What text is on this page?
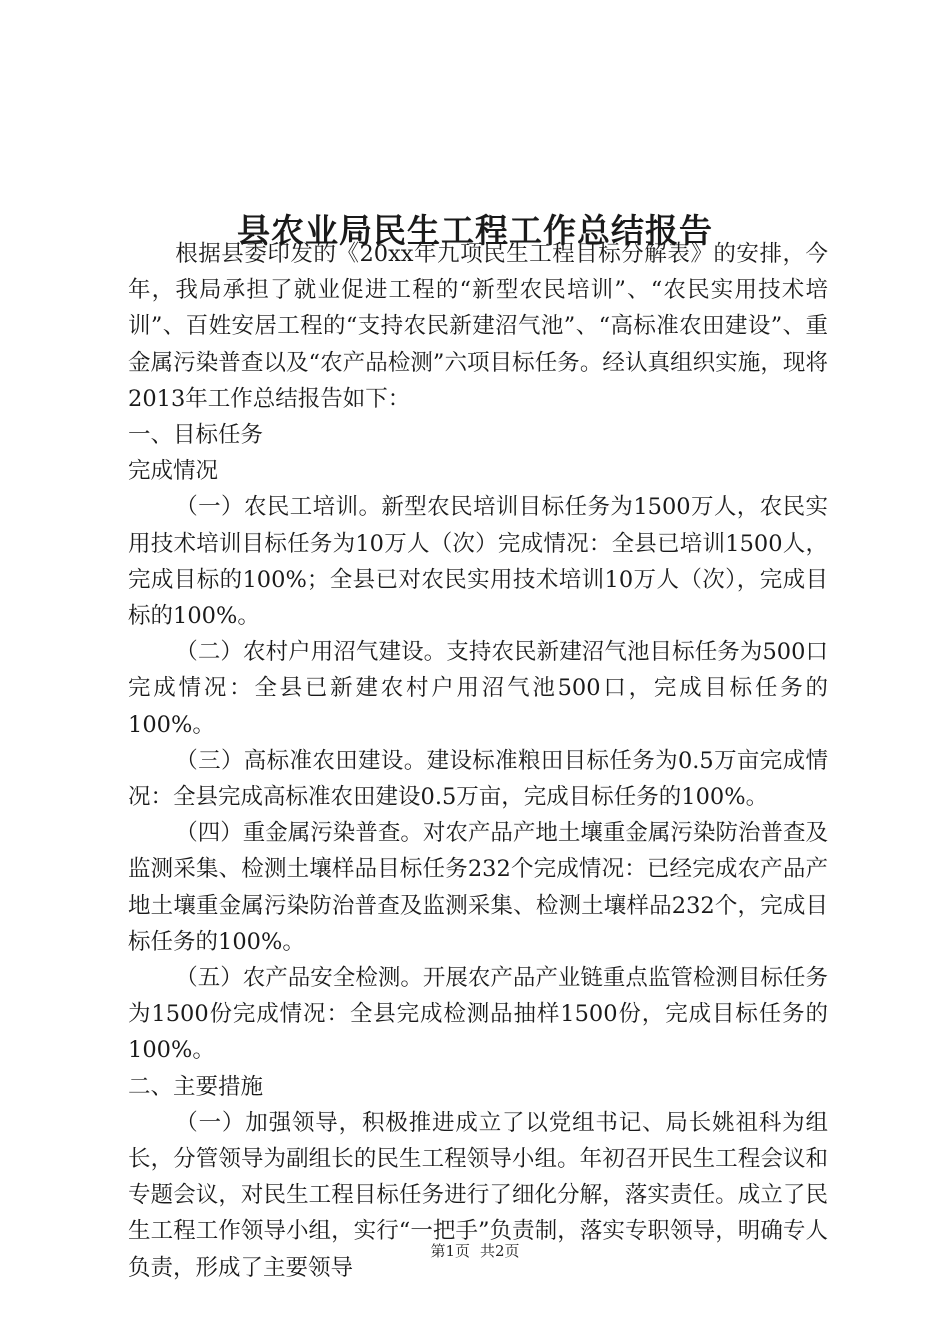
县农业局民生工程工作总结报告

根据县委印发的《20xx年九项民生工程目标分解表》的安排，今年，我局承担了就业促进工程的“新型农民培训”、“农民实用技术培训”、百姓安居工程的“支持农民新建沼气池”、“高标准农田建设”、重金属污染普查以及“农产品检测”六项目标任务。经认真组织实施，现将2013年工作总结报告如下：

一、目标任务

完成情况

（一）农民工培训。新型农民培训目标任务为1500万人，农民实用技术培训目标任务为10万人（次）完成情况：全县已培训1500人，完成目标的100%；全县已对农民实用技术培训10万人（次），完成目标的100%。

（二）农村户用沼气建设。支持农民新建沼气池目标任务为500口完成情况：全县已新建农村户用沼气池500口，完成目标任务的100%。

（三）高标准农田建设。建设标准粮田目标任务为0.5万亩完成情况：全县完成高标准农田建设0.5万亩，完成目标任务的100%。

（四）重金属污染普查。对农产品产地土壤重金属污染防治普查及监测采集、检测土壤样品目标任务232个完成情况：已经完成农产品产地土壤重金属污染防治普查及监测采集、检测土壤样品232个，完成目标任务的100%。

（五）农产品安全检测。开展农产品产业链重点监管检测目标任务为1500份完成情况：全县完成检测品抽样1500份，完成目标任务的100%。

二、主要措施

（一）加强领导，积极推进成立了以党组书记、局长姚祖科为组长，分管领导为副组长的民生工程领导小组。年初召开民生工程会议和专题会议，对民生工程目标任务进行了细化分解，落实责任。成立了民生工程工作领导小组，实行“一把手”负责制，落实专职领导，明确专人负责，形成了主要领导

第1页 共2页
